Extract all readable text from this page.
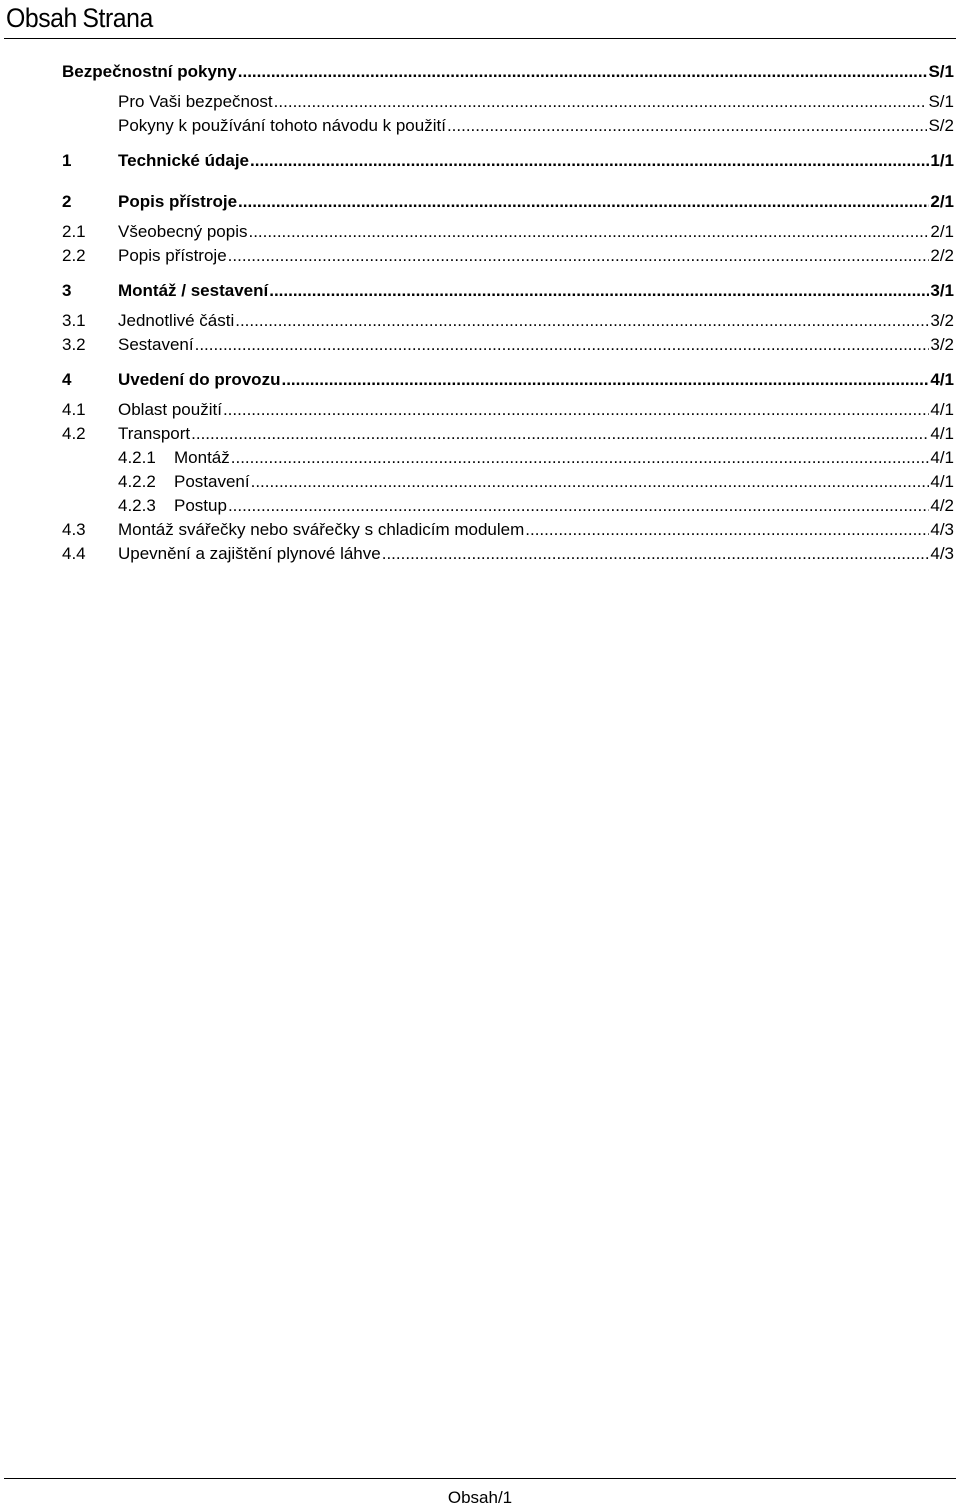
Obsah Strana
Bezpečnostní pokyny .....	S/1
Pro Vaši bezpečnost .....	S/1
Pokyny k používání tohoto návodu k použití .....	S/2
1	Technické údaje .....	1/1
2	Popis přístroje .....	2/1
2.1	Všeobecný popis .....	2/1
2.2	Popis přístroje .....	2/2
3	Montáž / sestavení .....	3/1
3.1	Jednotlivé části .....	3/2
3.2	Sestavení .....	3/2
4	Uvedení do provozu .....	4/1
4.1	Oblast použití .....	4/1
4.2	Transport .....	4/1
4.2.1	Montáž .....	4/1
4.2.2	Postavení .....	4/1
4.2.3	Postup .....	4/2
4.3	Montáž svářečky nebo svářečky s chladicím modulem .....	4/3
4.4	Upevnění a zajištění plynové láhve .....	4/3
Obsah/1
